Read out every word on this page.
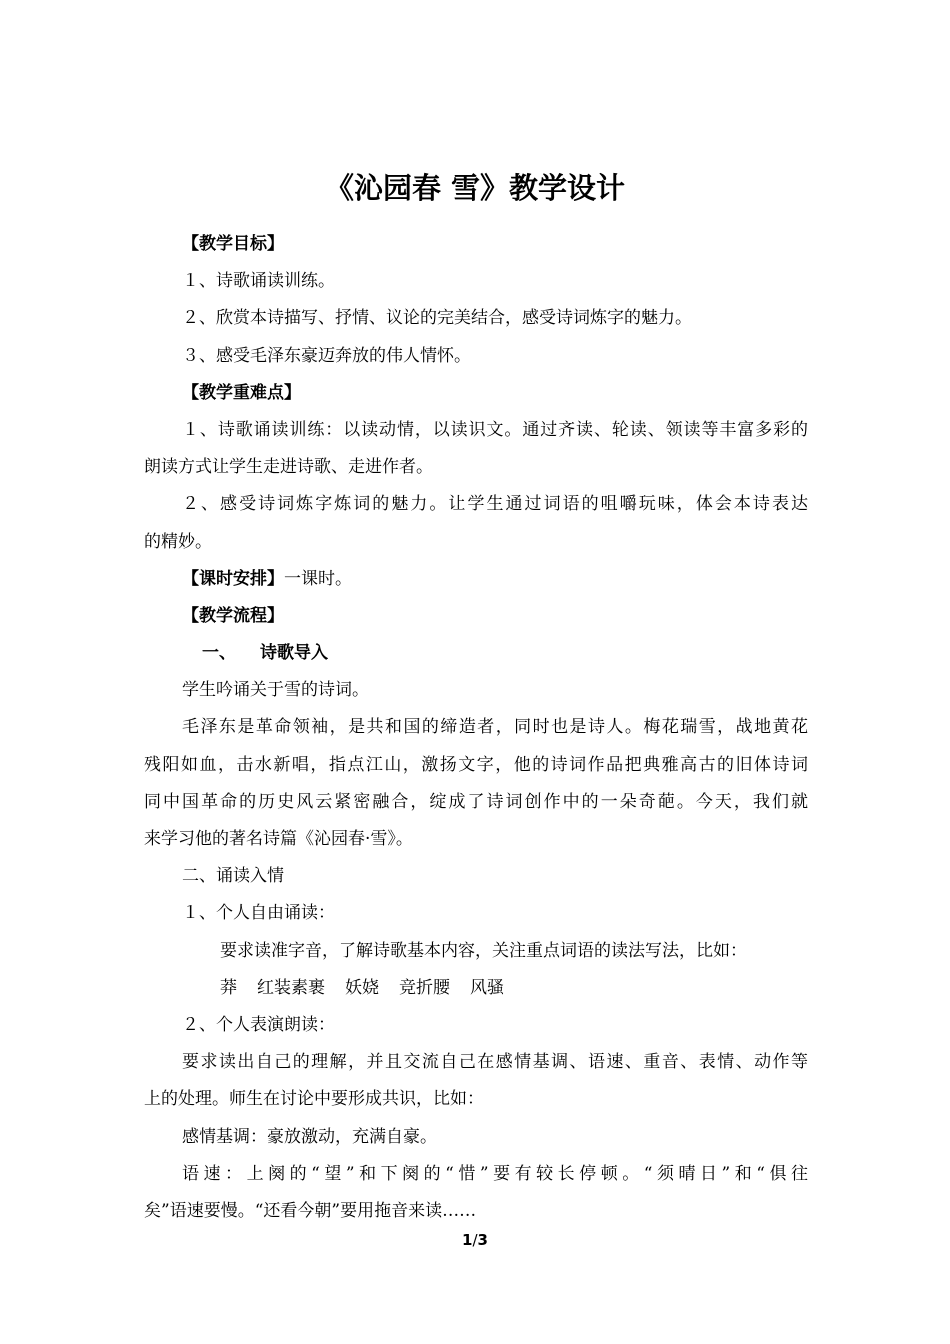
《沁园春 雪》教学设计
【教学目标】
１、诗歌诵读训练。
２、欣赏本诗描写、抒情、议论的完美结合，感受诗词炼字的魅力。
３、感受毛泽东豪迈奔放的伟人情怀。
【教学重难点】
１、诗歌诵读训练：以读动情，以读识文。通过齐读、轮读、领读等丰富多彩的
朗读方式让学生走进诗歌、走进作者。
２、感受诗词炼字炼词的魅力。让学生通过词语的咀嚼玩味，体会本诗表达
的精妙。
【课时安排】一课时。
【教学流程】
一、 诗歌导入
学生吟诵关于雪的诗词。
毛泽东是革命领袖，是共和国的缔造者，同时也是诗人。梅花瑞雪，战地黄花
残阳如血，击水新唱，指点江山，激扬文字，他的诗词作品把典雅高古的旧体诗词
同中国革命的历史风云紧密融合，绽成了诗词创作中的一朵奇葩。今天，我们就
来学习他的著名诗篇《沁园春·雪》。
二、诵读入情
１、个人自由诵读：
要求读准字音，了解诗歌基本内容，关注重点词语的读法写法，比如：
莽 红装素裹 妖娆 竞折腰 风骚
２、个人表演朗读：
要求读出自己的理解，并且交流自己在感情基调、语速、重音、表情、动作等
上的处理。师生在讨论中要形成共识，比如：
感情基调：豪放激动，充满自豪。
语速：上阕的“望”和下阕的“惜”要有较长停顿。“须晴日”和“俱往
矣”语速要慢。“还看今朝”要用拖音来读……
1/3
